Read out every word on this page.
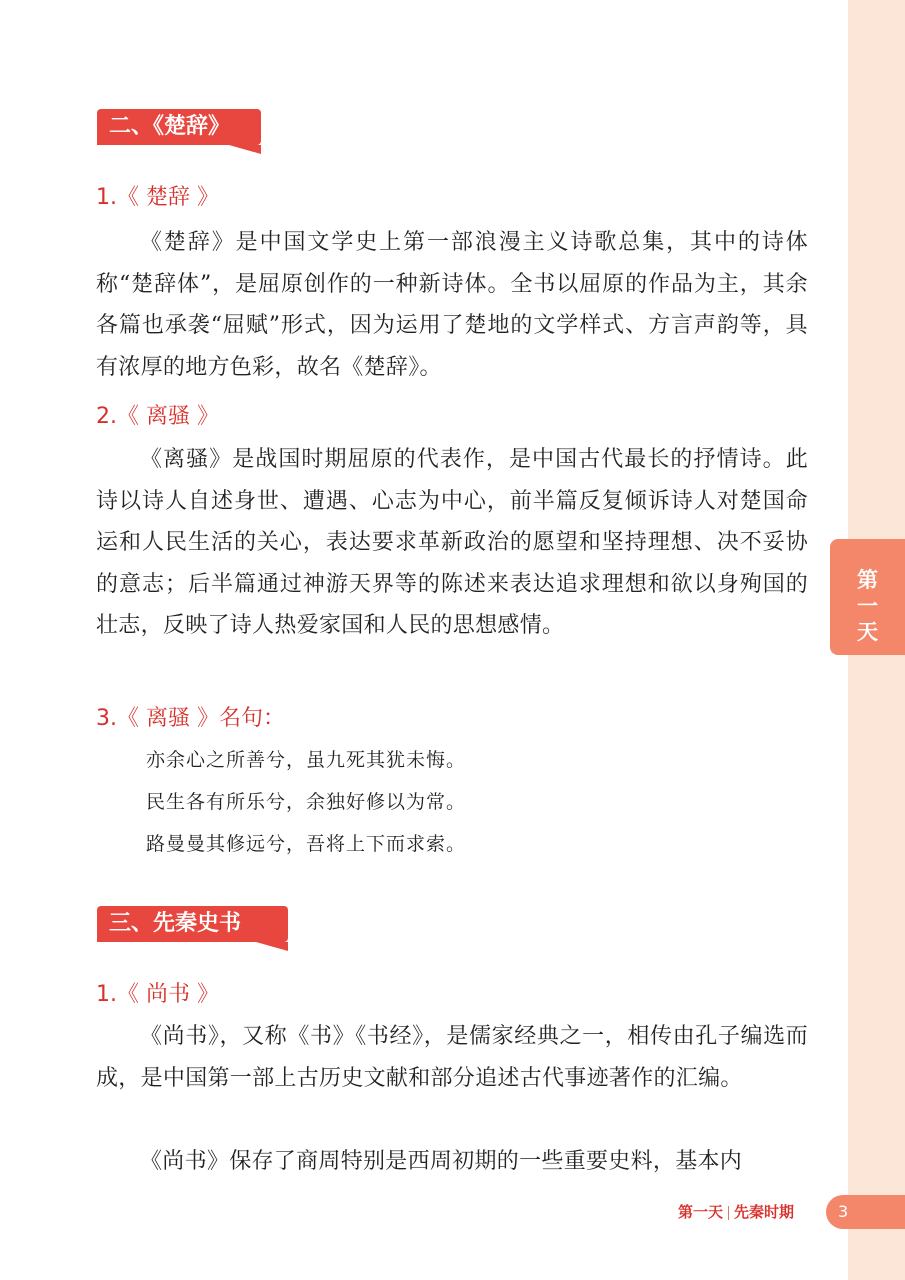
第
一
天
二、《楚辞》
1.《 楚辞 》

《楚辞》是中国文学史上第一部浪漫主义诗歌总集，其中的诗体称“楚辞体”，是屈原创作的一种新诗体。全书以屈原的作品为主，其余各篇也承袭“屈赋”形式，因为运用了楚地的文学样式、方言声韵等，具有浓厚的地方色彩，故名《楚辞》。

2.《 离骚 》

《离骚》是战国时期屈原的代表作，是中国古代最长的抒情诗。此诗以诗人自述身世、遭遇、心志为中心，前半篇反复倾诉诗人对楚国命运和人民生活的关心，表达要求革新政治的愿望和坚持理想、决不妥协的意志；后半篇通过神游天界等的陈述来表达追求理想和欲以身殉国的壮志，反映了诗人热爱家国和人民的思想感情。

3.《 离骚 》名句：

亦余心之所善兮，虽九死其犹未悔。

民生各有所乐兮，余独好修以为常。

路曼曼其修远兮，吾将上下而求索。

三、先秦史书
1.《 尚书 》

《尚书》，又称《书》《书经》，是儒家经典之一，相传由孔子编选而成，是中国第一部上古历史文献和部分追述古代事迹著作的汇编。

《尚书》保存了商周特别是西周初期的一些重要史料，基本内

第一天 先秦时期	3
